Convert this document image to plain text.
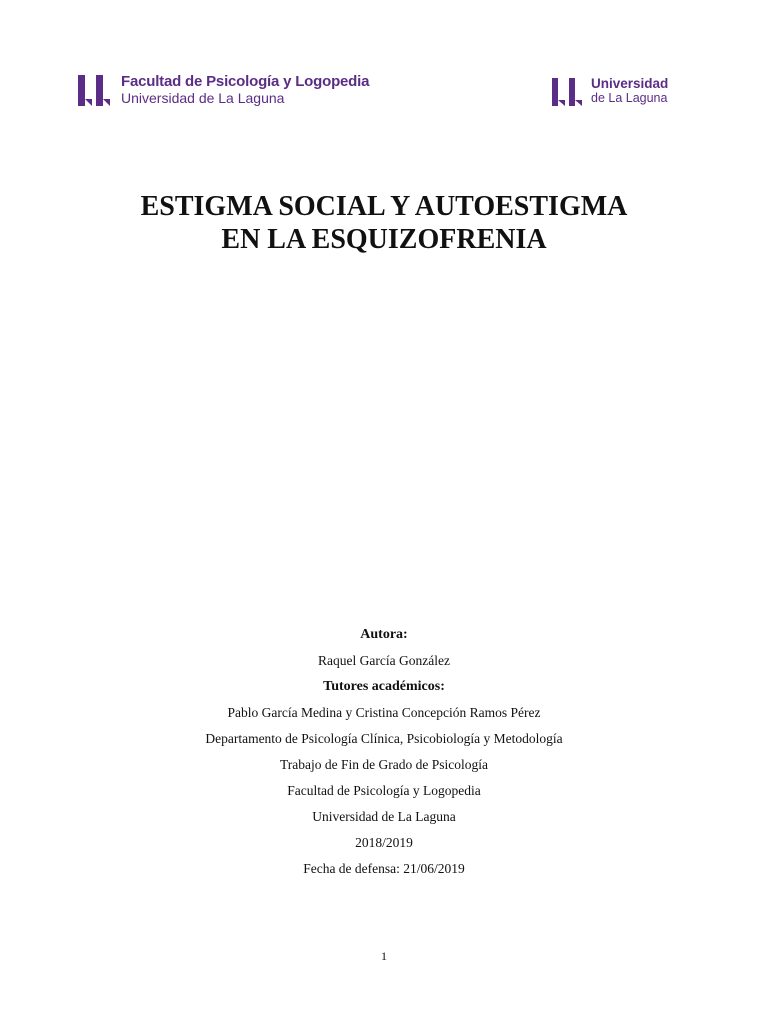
Facultad de Psicología y Logopedia
Universidad de La Laguna
Universidad
de La Laguna
ESTIGMA SOCIAL Y AUTOESTIGMA
EN LA ESQUIZOFRENIA
Autora:
Raquel García González
Tutores académicos:
Pablo García Medina y Cristina Concepción Ramos Pérez
Departamento de Psicología Clínica, Psicobiología y Metodología
Trabajo de Fin de Grado de Psicología
Facultad de Psicología y Logopedia
Universidad de La Laguna
2018/2019
Fecha de defensa: 21/06/2019
1
